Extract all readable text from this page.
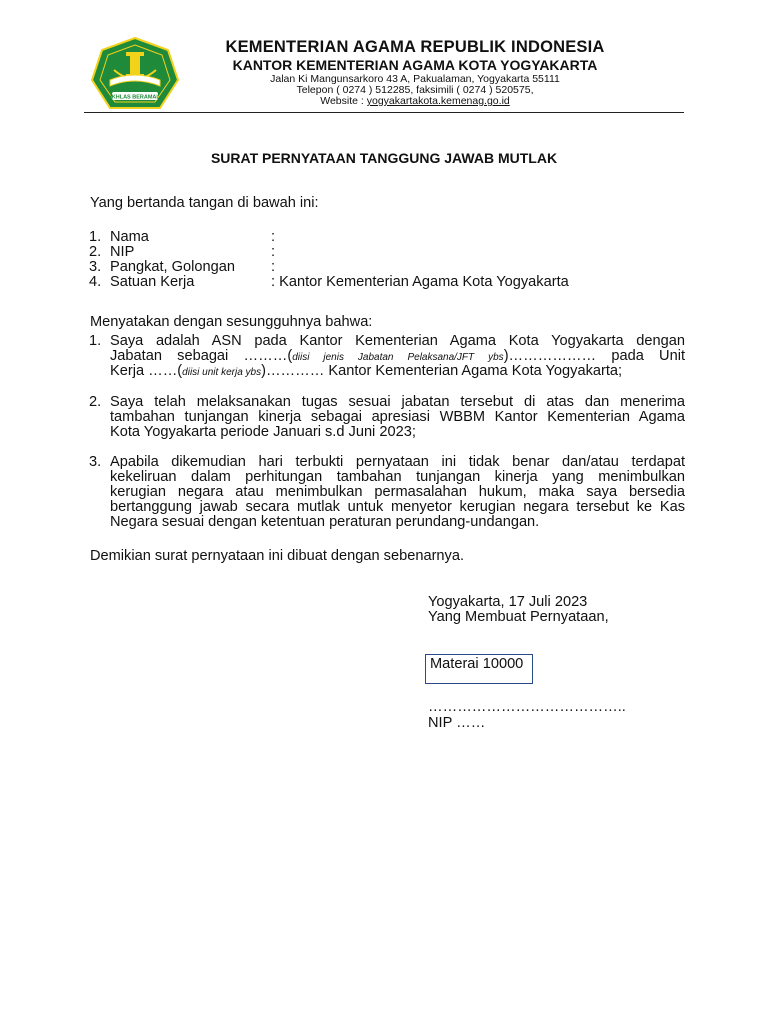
IKHLAS BERAMAL
KEMENTERIAN AGAMA REPUBLIK INDONESIA
KANTOR KEMENTERIAN AGAMA KOTA YOGYAKARTA
Jalan Ki Mangunsarkoro 43 A, Pakualaman, Yogyakarta 55111
Telepon ( 0274 ) 512285, faksimili ( 0274 ) 520575,
Website : yogyakartakota.kemenag.go.id
SURAT PERNYATAAN TANGGUNG JAWAB MUTLAK
Yang bertanda tangan di bawah ini:
1. Nama	:
2. NIP	:
3. Pangkat, Golongan :
4. Satuan Kerja	: Kantor Kementerian Agama Kota Yogyakarta
Menyatakan dengan sesungguhnya bahwa:
1. Saya adalah ASN pada Kantor Kementerian Agama Kota Yogyakarta dengan
Jabatan sebagai ………(diisi jenis Jabatan Pelaksana/JFT ybs)……………… pada Unit
Kerja ……(diisi unit kerja ybs)………… Kantor Kementerian Agama Kota Yogyakarta;
2. Saya telah melaksanakan tugas sesuai jabatan tersebut di atas dan menerima
tambahan tunjangan kinerja sebagai apresiasi WBBM Kantor Kementerian Agama
Kota Yogyakarta periode Januari s.d Juni 2023;
3. Apabila dikemudian hari terbukti pernyataan ini tidak benar dan/atau terdapat
kekeliruan dalam perhitungan tambahan tunjangan kinerja yang menimbulkan
kerugian negara atau menimbulkan permasalahan hukum, maka saya bersedia
bertanggung jawab secara mutlak untuk menyetor kerugian negara tersebut ke Kas
Negara sesuai dengan ketentuan peraturan perundang-undangan.
Demikian surat pernyataan ini dibuat dengan sebenarnya.
Yogyakarta, 17 Juli 2023
Yang Membuat Pernyataan,
Materai 10000
…………………………………..
NIP ……
